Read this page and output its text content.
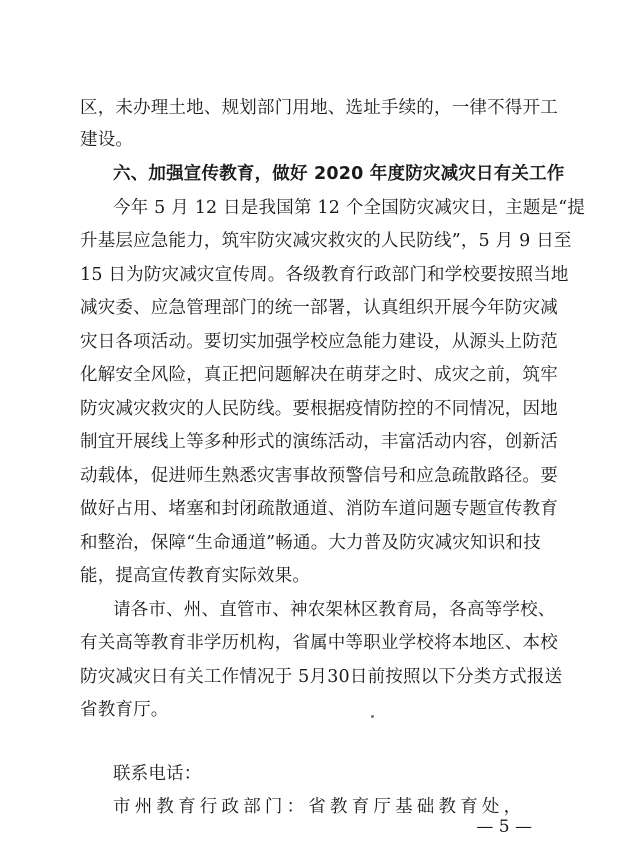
区，未办理土地、规划部门用地、选址手续的，一律不得开工
建设。
六、加强宣传教育，做好 2020 年度防灾减灾日有关工作
今年 5 月 12 日是我国第 12 个全国防灾减灾日，主题是“提
升基层应急能力，筑牢防灾减灾救灾的人民防线”，5 月 9 日至
15 日为防灾减灾宣传周。各级教育行政部门和学校要按照当地
减灾委、应急管理部门的统一部署，认真组织开展今年防灾减
灾日各项活动。要切实加强学校应急能力建设，从源头上防范
化解安全风险，真正把问题解决在萌芽之时、成灾之前，筑牢
防灾减灾救灾的人民防线。要根据疫情防控的不同情况，因地
制宜开展线上等多种形式的演练活动，丰富活动内容，创新活
动载体，促进师生熟悉灾害事故预警信号和应急疏散路径。要
做好占用、堵塞和封闭疏散通道、消防车道问题专题宣传教育
和整治，保障“生命通道”畅通。大力普及防灾减灾知识和技
能，提高宣传教育实际效果。
请各市、州、直管市、神农架林区教育局，各高等学校、
有关高等教育非学历机构，省属中等职业学校将本地区、本校
防灾减灾日有关工作情况于 5月30日前按照以下分类方式报送
省教育厅。
联系电话：
市州教育行政部门：省教育厅基础教育处，
— 5 —
